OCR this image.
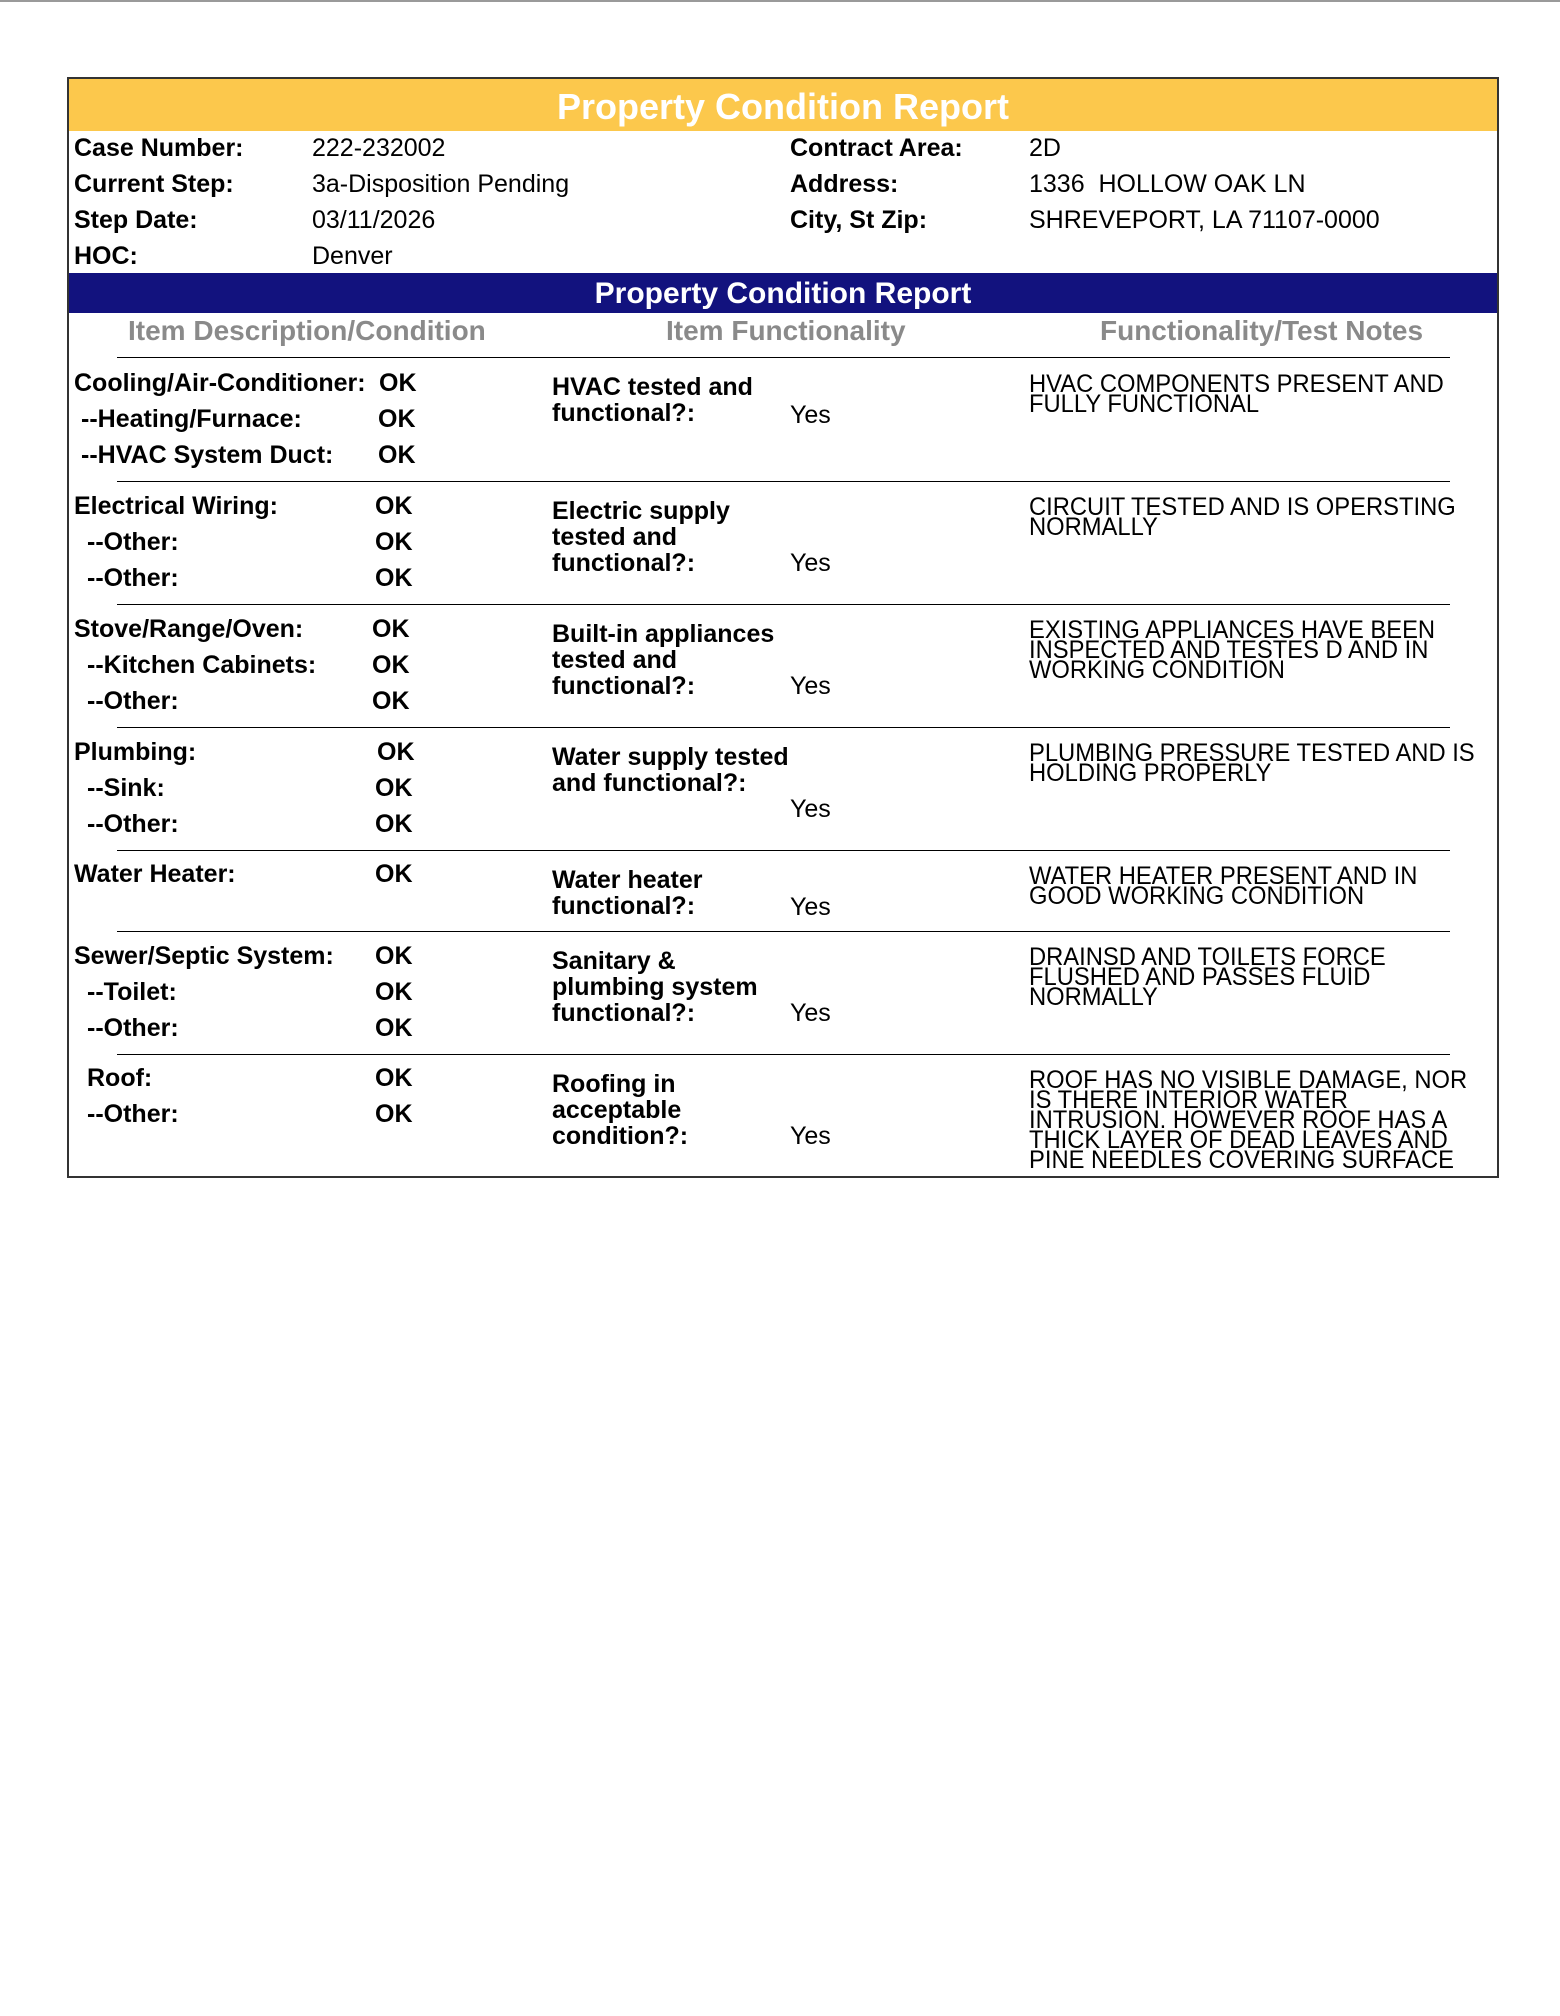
Property Condition Report
Case Number:	222-232002
Current Step:	3a-Disposition Pending
Step Date:	03/11/2026
HOC:	Denver
Contract Area:	2D
Address:	1336  HOLLOW OAK LN
City, St Zip:	SHREVEPORT, LA 71107-0000
Property Condition Report
Item Description/Condition	Item Functionality	Functionality/Test Notes
Cooling/Air-Conditioner: OK
--Heating/Furnace:	OK
--HVAC System Duct: OK
HVAC tested and functional?:	Yes
HVAC COMPONENTS PRESENT AND FULLY FUNCTIONAL
Electrical Wiring:	OK
--Other:	OK
--Other:	OK
Electric supply tested and functional?:	Yes
CIRCUIT TESTED AND IS OPERSTING NORMALLY
Stove/Range/Oven:	OK
--Kitchen Cabinets: OK
--Other:	OK
Built-in appliances tested and functional?:	Yes
EXISTING APPLIANCES HAVE BEEN INSPECTED AND TESTES D AND IN WORKING CONDITION
Plumbing:	OK
--Sink:	OK
--Other:	OK
Water supply tested and functional?:
Yes
PLUMBING PRESSURE TESTED AND IS HOLDING PROPERLY
Water Heater:	OK	Water heater functional?:	Yes
WATER HEATER PRESENT AND IN GOOD WORKING CONDITION
Sewer/Septic System: OK
--Toilet:	OK
--Other:	OK
Sanitary & plumbing system functional?:	Yes
DRAINSD AND TOILETS FORCE FLUSHED AND PASSES FLUID NORMALLY
Roof:	OK
--Other:	OK
Roofing in acceptable condition?:	Yes
ROOF HAS NO VISIBLE DAMAGE, NOR IS THERE INTERIOR WATER INTRUSION. HOWEVER ROOF HAS A THICK LAYER OF DEAD LEAVES AND PINE NEEDLES COVERING SURFACE
